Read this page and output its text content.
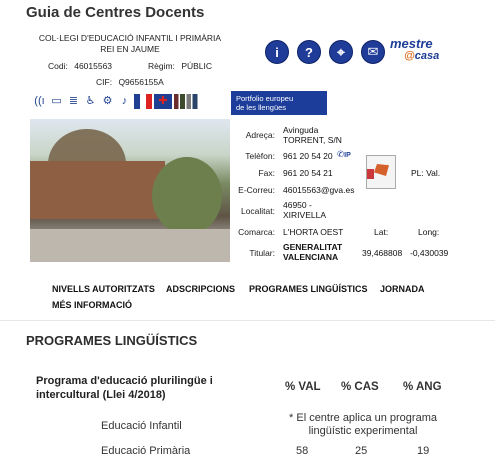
Guia de Centres Docents
COL·LEGI D'EDUCACIÓ INFANTIL I PRIMÀRIA
REI EN JAUME
Codi: 46015563	Règim: PÚBLIC
CIF: Q9656155A
i	?	⌖	✉
mestre
@casa
((ı ▭ ≣ ♿ ⚙ ♪	✚	Portfolio europeu
de les llengües
Adreça: Avinguda
TORRENT, S/N
Telèfon: 961 20 54 20 ✆IP
Fax: 961 20 54 21
E-Correu: 46015563@gva.es
Localitat:
46950 -
XIRIVELLA
Comarca: L'HORTA OEST	Lat:	Long:
Titular:
GENERALITAT
VALENCIANA	39,468808 -0,430039
PL: Val.
NIVELLS AUTORITZATS ADSCRIPCIONS PROGRAMES LINGÜÍSTICS JORNADA
MÉS INFORMACIÓ
PROGRAMES LINGÜÍSTICS
Programa d'educació plurilingüe i
intercultural (Llei 4/2018)
% VAL % CAS % ANG
Educació Infantil
* El centre aplica un programa
lingüístic experimental
Educació Primària	58	25	19
